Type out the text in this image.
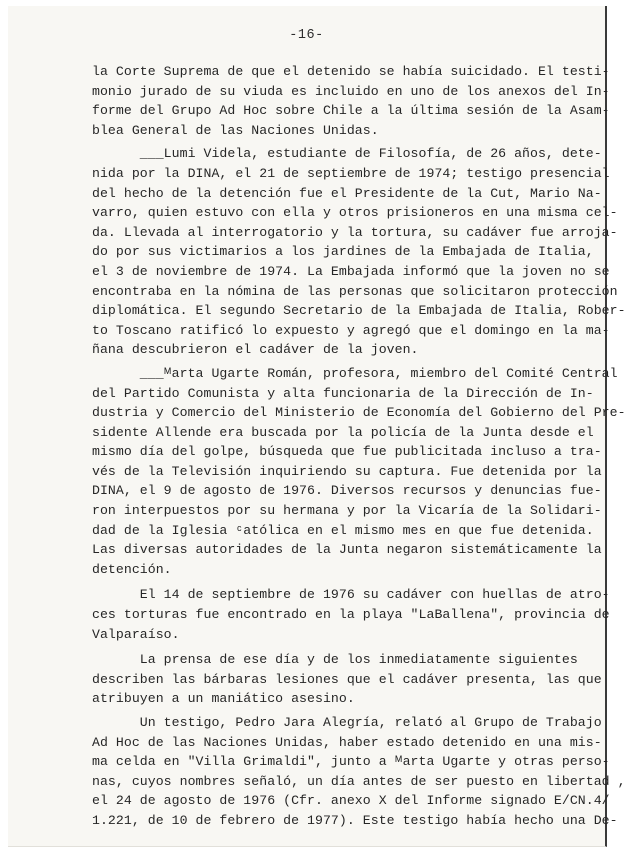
-16-
la Corte Suprema de que el detenido se había suicidado. El testi-
monio jurado de su viuda es incluido en uno de los anexos del In-
forme del Grupo Ad Hoc sobre Chile a la última sesión de la Asam-
blea General de las Naciones Unidas.
___Lumi Videla, estudiante de Filosofía, de 26 años, dete-
nida por la DINA, el 21 de septiembre de 1974; testigo presencial
del hecho de la detención fue el Presidente de la Cut, Mario Na-
varro, quien estuvo con ella y otros prisioneros en una misma cel-
da. Llevada al interrogatorio y la tortura, su cadáver fue arroja-
do por sus victimarios a los jardines de la Embajada de Italia,
el 3 de noviembre de 1974. La Embajada informó que la joven no se
encontraba en la nómina de las personas que solicitaron protección
diplomática. El segundo Secretario de la Embajada de Italia, Rober-
to Toscano ratificó lo expuesto y agregó que el domingo en la ma-
ñana descubrieron el cadáver de la joven.
___ᴹarta Ugarte Román, profesora, miembro del Comité Central
del Partido Comunista y alta funcionaria de la Dirección de In-
dustria y Comercio del Ministerio de Economía del Gobierno del Pre-
sidente Allende era buscada por la policía de la Junta desde el
mismo día del golpe, búsqueda que fue publicitada incluso a tra-
vés de la Televisión inquiriendo su captura. Fue detenida por la
DINA, el 9 de agosto de 1976. Diversos recursos y denuncias fue-
ron interpuestos por su hermana y por la Vicaría de la Solidari-
dad de la Iglesia ᶜatólica en el mismo mes en que fue detenida.
Las diversas autoridades de la Junta negaron sistemáticamente la
detención.
El 14 de septiembre de 1976 su cadáver con huellas de atro-
ces torturas fue encontrado en la playa "LaBallena", provincia de
Valparaíso.
La prensa de ese día y de los inmediatamente siguientes
describen las bárbaras lesiones que el cadáver presenta, las que
atribuyen a un maniático asesino.
Un testigo, Pedro Jara Alegría, relató al Grupo de Trabajo
Ad Hoc de las Naciones Unidas, haber estado detenido en una mis-
ma celda en "Villa Grimaldi", junto a ᴹarta Ugarte y otras perso-
nas, cuyos nombres señaló, un día antes de ser puesto en libertad ,
el 24 de agosto de 1976 (Cfr. anexo X del Informe signado E/CN.4/
1.221, de 10 de febrero de 1977). Este testigo había hecho una De-
